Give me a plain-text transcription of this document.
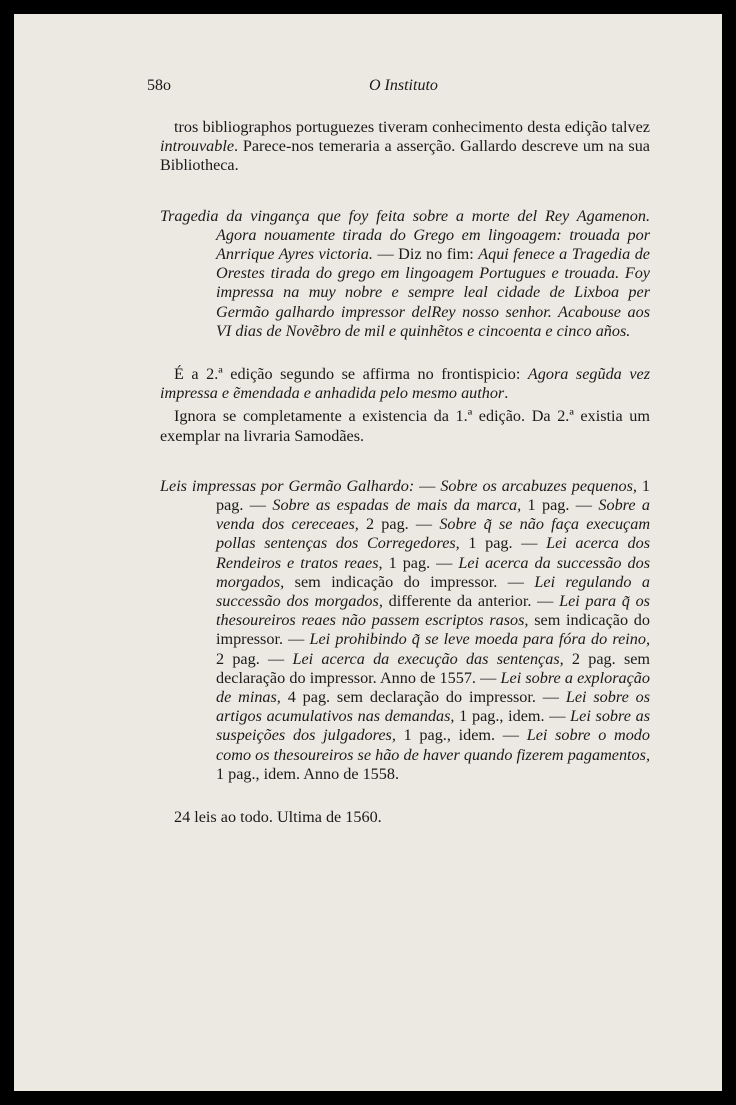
58o	O Instituto

tros bibliographos portuguezes tiveram conhecimento desta edição talvez introuvable. Parece-nos temeraria a asserção. Gallardo descreve um na sua Bibliotheca.

Tragedia da vingança que foy feita sobre a morte del Rey Agamenon. Agora nouamente tirada do Grego em lingoagem: trouada por Anrrique Ayres victoria. — Diz no fim: Aqui fenece a Tragedia de Orestes tirada do grego em lingoagem Portugues e trouada. Foy impressa na muy nobre e sempre leal cidade de Lixboa per Germão galhardo impressor delRey nosso senhor. Acabouse aos VI dias de Novẽbro de mil e quinhẽtos e cincoenta e cinco años.

É a 2.ª edição segundo se affirma no frontispicio: Agora segũda vez impressa e ẽmendada e anhadida pelo mesmo author.

Ignora se completamente a existencia da 1.ª edição. Da 2.ª existia um exemplar na livraria Samodães.

Leis impressas por Germão Galhardo: — Sobre os arcabuzes pequenos, 1 pag. — Sobre as espadas de mais da marca, 1 pag. — Sobre a venda dos cereceaes, 2 pag. — Sobre q̃ se não faça execuçam pollas sentenças dos Corregedores, 1 pag. — Lei acerca dos Rendeiros e tratos reaes, 1 pag. — Lei acerca da successão dos morgados, sem indicação do impressor. — Lei regulando a successão dos morgados, differente da anterior. — Lei para q̃ os thesoureiros reaes não passem escriptos rasos, sem indicação do impressor. — Lei prohibindo q̃ se leve moeda para fóra do reino, 2 pag. — Lei acerca da execução das sentenças, 2 pag. sem declaração do impressor. Anno de 1557. — Lei sobre a exploração de minas, 4 pag. sem declaração do impressor. — Lei sobre os artigos acumulativos nas demandas, 1 pag., idem. — Lei sobre as suspeições dos julgadores, 1 pag., idem. — Lei sobre o modo como os thesoureiros se hão de haver quando fizerem pagamentos, 1 pag., idem. Anno de 1558.

24 leis ao todo. Ultima de 1560.
